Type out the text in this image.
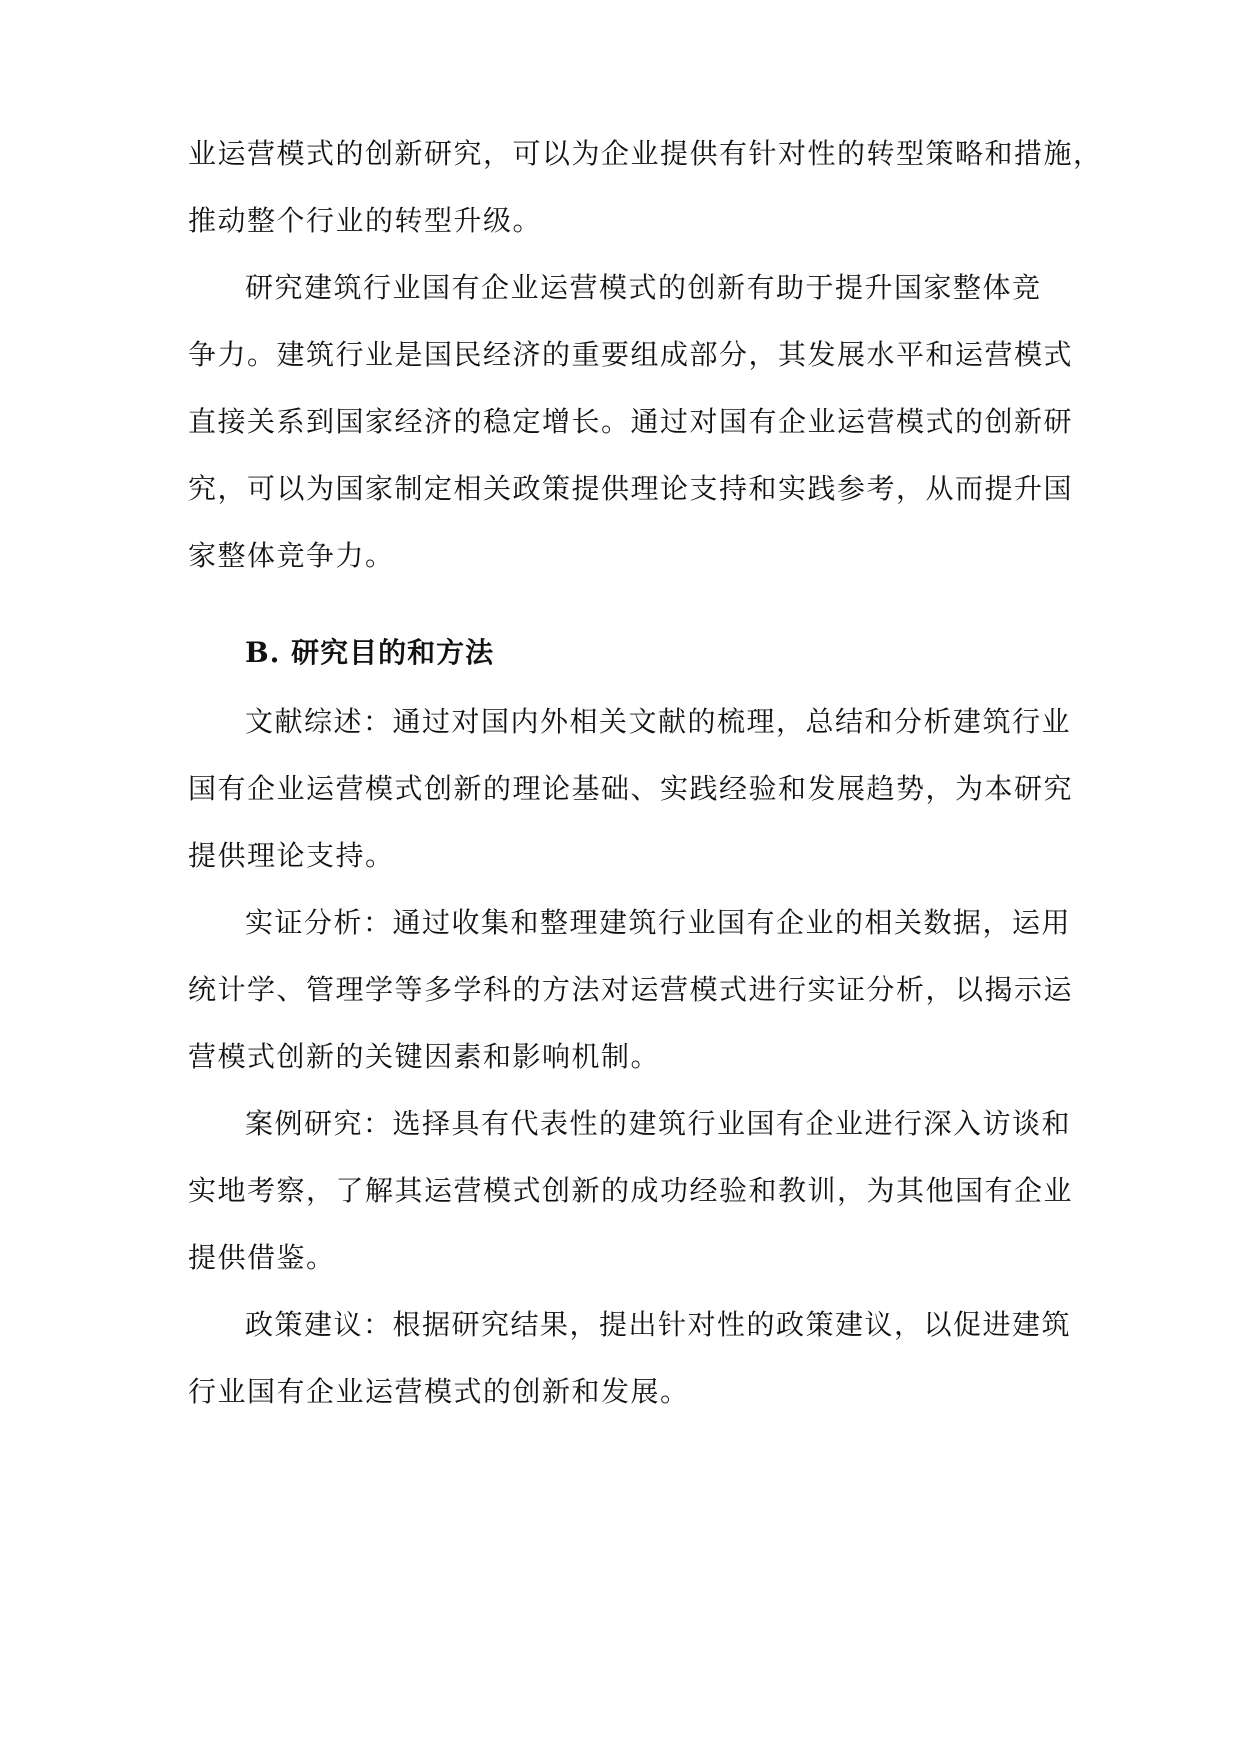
业运营模式的创新研究，可以为企业提供有针对性的转型策略和措施，

推动整个行业的转型升级。

研究建筑行业国有企业运营模式的创新有助于提升国家整体竞

争力。建筑行业是国民经济的重要组成部分，其发展水平和运营模式

直接关系到国家经济的稳定增长。通过对国有企业运营模式的创新研

究，可以为国家制定相关政策提供理论支持和实践参考，从而提升国

家整体竞争力。

B. 研究目的和方法

文献综述：通过对国内外相关文献的梳理，总结和分析建筑行业

国有企业运营模式创新的理论基础、实践经验和发展趋势，为本研究

提供理论支持。

实证分析：通过收集和整理建筑行业国有企业的相关数据，运用

统计学、管理学等多学科的方法对运营模式进行实证分析，以揭示运

营模式创新的关键因素和影响机制。

案例研究：选择具有代表性的建筑行业国有企业进行深入访谈和

实地考察，了解其运营模式创新的成功经验和教训，为其他国有企业

提供借鉴。

政策建议：根据研究结果，提出针对性的政策建议，以促进建筑

行业国有企业运营模式的创新和发展。
